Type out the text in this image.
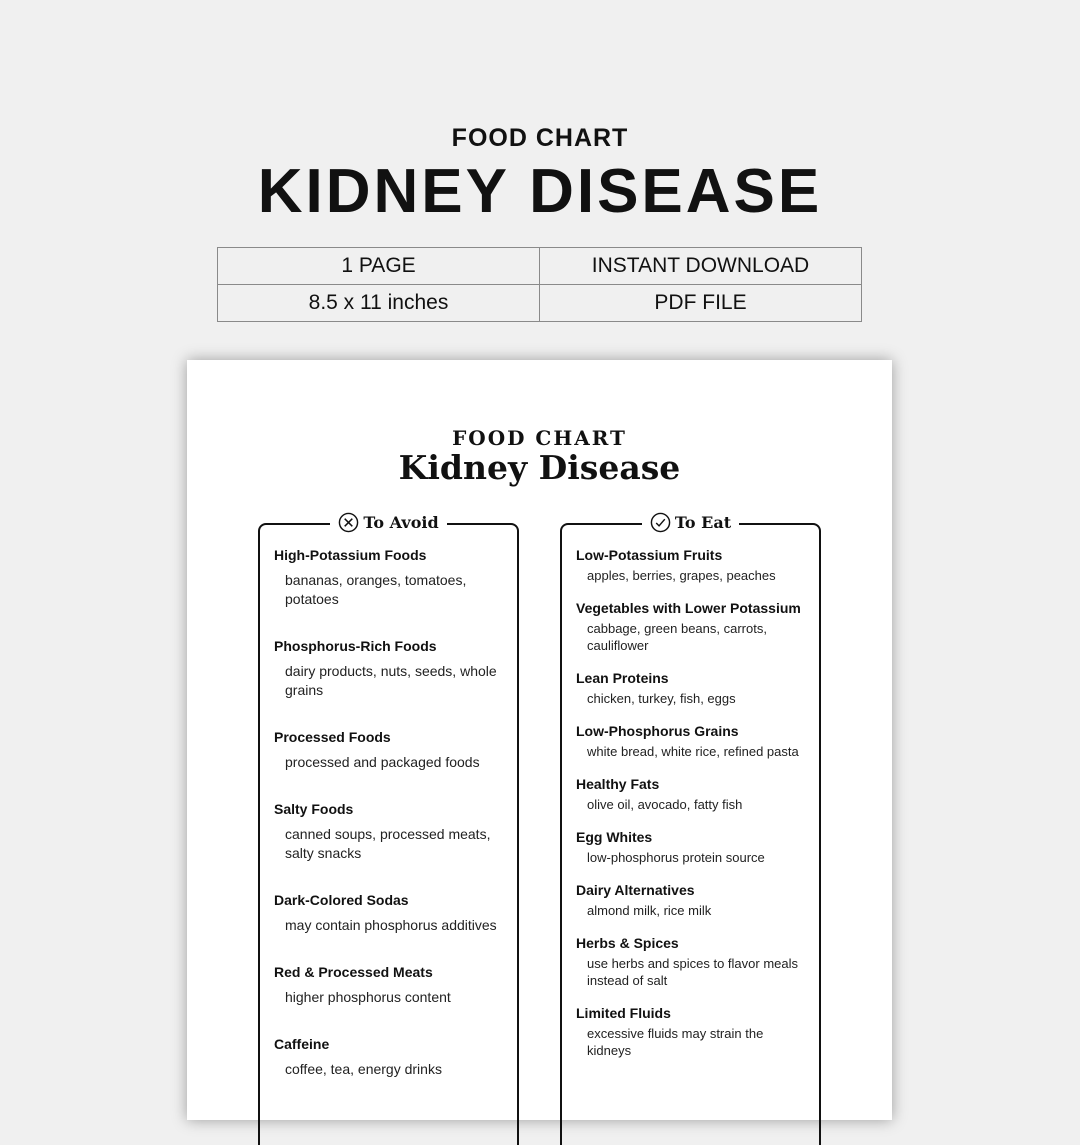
FOOD CHART
KIDNEY DISEASE
1 PAGE	INSTANT DOWNLOAD
8.5 x 11 inches	PDF FILE
FOOD CHART
Kidney Disease
To Avoid
High-Potassium Foods

bananas, oranges, tomatoes, potatoes

Phosphorus-Rich Foods

dairy products, nuts, seeds, whole grains

Processed Foods

processed and packaged foods

Salty Foods

canned soups, processed meats, salty snacks

Dark-Colored Sodas

may contain phosphorus additives

Red & Processed Meats

higher phosphorus content

Caffeine

coffee, tea, energy drinks

To Eat
Low-Potassium Fruits

apples, berries, grapes, peaches

Vegetables with Lower Potassium

cabbage, green beans, carrots, cauliflower

Lean Proteins

chicken, turkey, fish, eggs

Low-Phosphorus Grains

white bread, white rice, refined pasta

Healthy Fats

olive oil, avocado, fatty fish

Egg Whites

low-phosphorus protein source

Dairy Alternatives

almond milk, rice milk

Herbs & Spices

use herbs and spices to flavor meals instead of salt

Limited Fluids

excessive fluids may strain the kidneys
